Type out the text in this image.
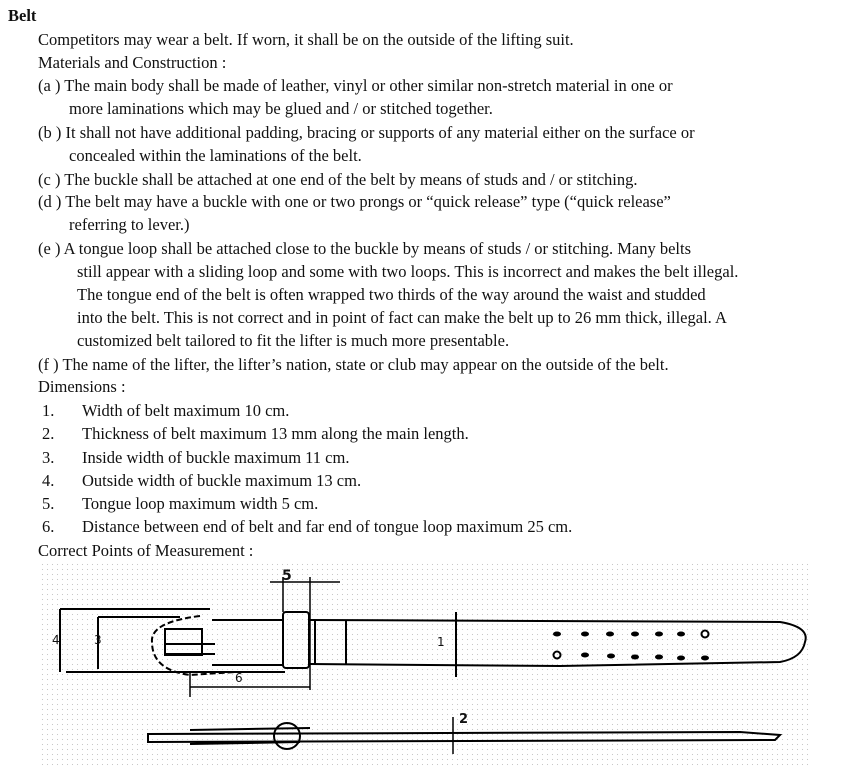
Belt
Competitors may wear a belt. If worn, it shall be on the outside of the lifting suit.
Materials and Construction :
(a ) The main body shall be made of leather, vinyl or other similar non-stretch material in one or
more laminations which may be glued and / or stitched together.
(b ) It shall not have additional padding, bracing or supports of any material either on the surface or
concealed within the laminations of the belt.
(c ) The buckle shall be attached at one end of the belt by means of studs and / or stitching.
(d ) The belt may have a buckle with one or two prongs or “quick release” type (“quick release”
referring to lever.)
(e ) A tongue loop shall be attached close to the buckle by means of studs / or stitching. Many belts
still appear with a sliding loop and some with two loops. This is incorrect and makes the belt illegal.
The tongue end of the belt is often wrapped two thirds of the way around the waist and studded
into the belt. This is not correct and in point of fact can make the belt up to 26 mm thick, illegal. A
customized belt tailored to fit the lifter is much more presentable.
(f ) The name of the lifter, the lifter’s nation, state or club may appear on the outside of the belt.
Dimensions :
1. Width of belt maximum 10 cm.
2. Thickness of belt maximum 13 mm along the main length.
3. Inside width of buckle maximum 11 cm.
4. Outside width of buckle maximum 13 cm.
5. Tongue loop maximum width 5 cm.
6. Distance between end of belt and far end of tongue loop maximum 25 cm.
Correct Points of Measurement :
5
4	3
6
1
2
